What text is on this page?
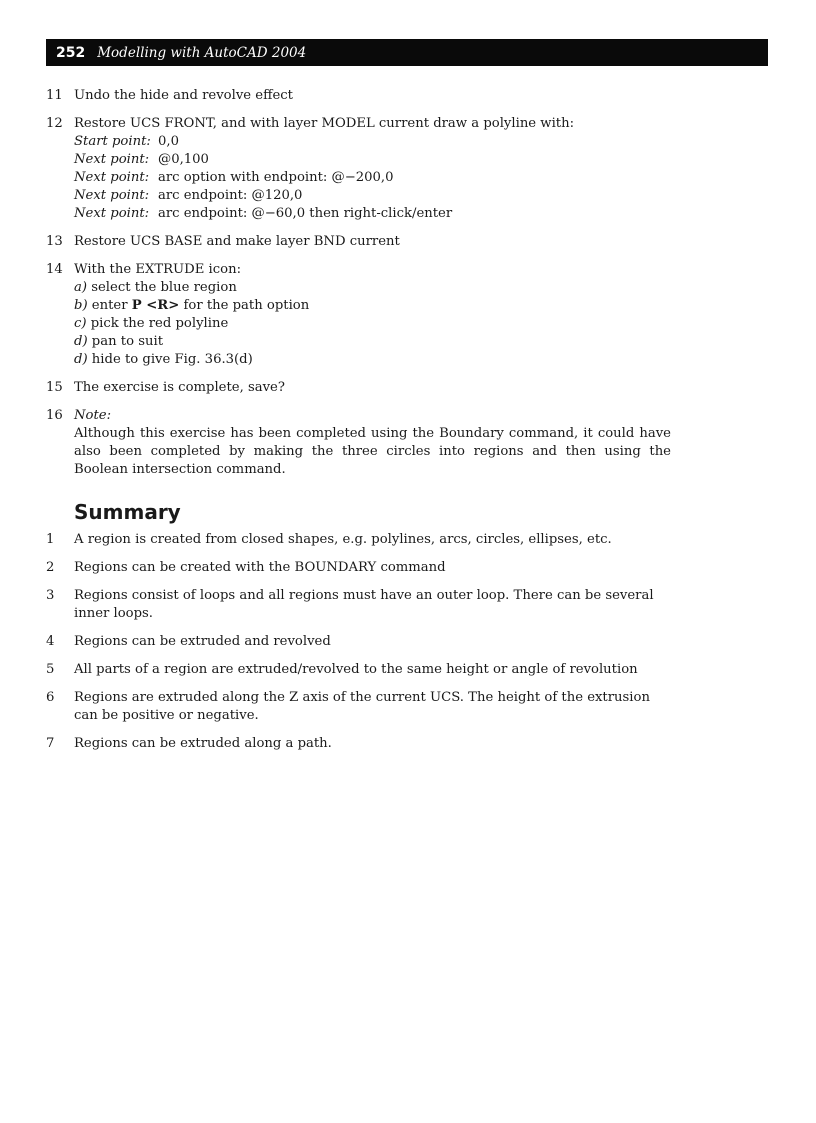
252 Modelling with AutoCAD 2004
11 Undo the hide and revolve effect
12 Restore UCS FRONT, and with layer MODEL current draw a polyline with:
Start point: 0,0
Next point: @0,100
Next point: arc option with endpoint: @−200,0
Next point: arc endpoint: @120,0
Next point: arc endpoint: @−60,0 then right-click/enter
13 Restore UCS BASE and make layer BND current
14 With the EXTRUDE icon:
a) select the blue region
b) enter P <R> for the path option
c) pick the red polyline
d) pan to suit
d) hide to give Fig. 36.3(d)
15 The exercise is complete, save?
16 Note:
Although this exercise has been completed using the Boundary command, it could have also been completed by making the three circles into regions and then using the Boolean intersection command.
Summary
1	A region is created from closed shapes, e.g. polylines, arcs, circles, ellipses, etc.
2	Regions can be created with the BOUNDARY command
3	Regions consist of loops and all regions must have an outer loop. There can be several inner loops.
4	Regions can be extruded and revolved
5	All parts of a region are extruded/revolved to the same height or angle of revolution
6	Regions are extruded along the Z axis of the current UCS. The height of the extrusion can be positive or negative.
7	Regions can be extruded along a path.
